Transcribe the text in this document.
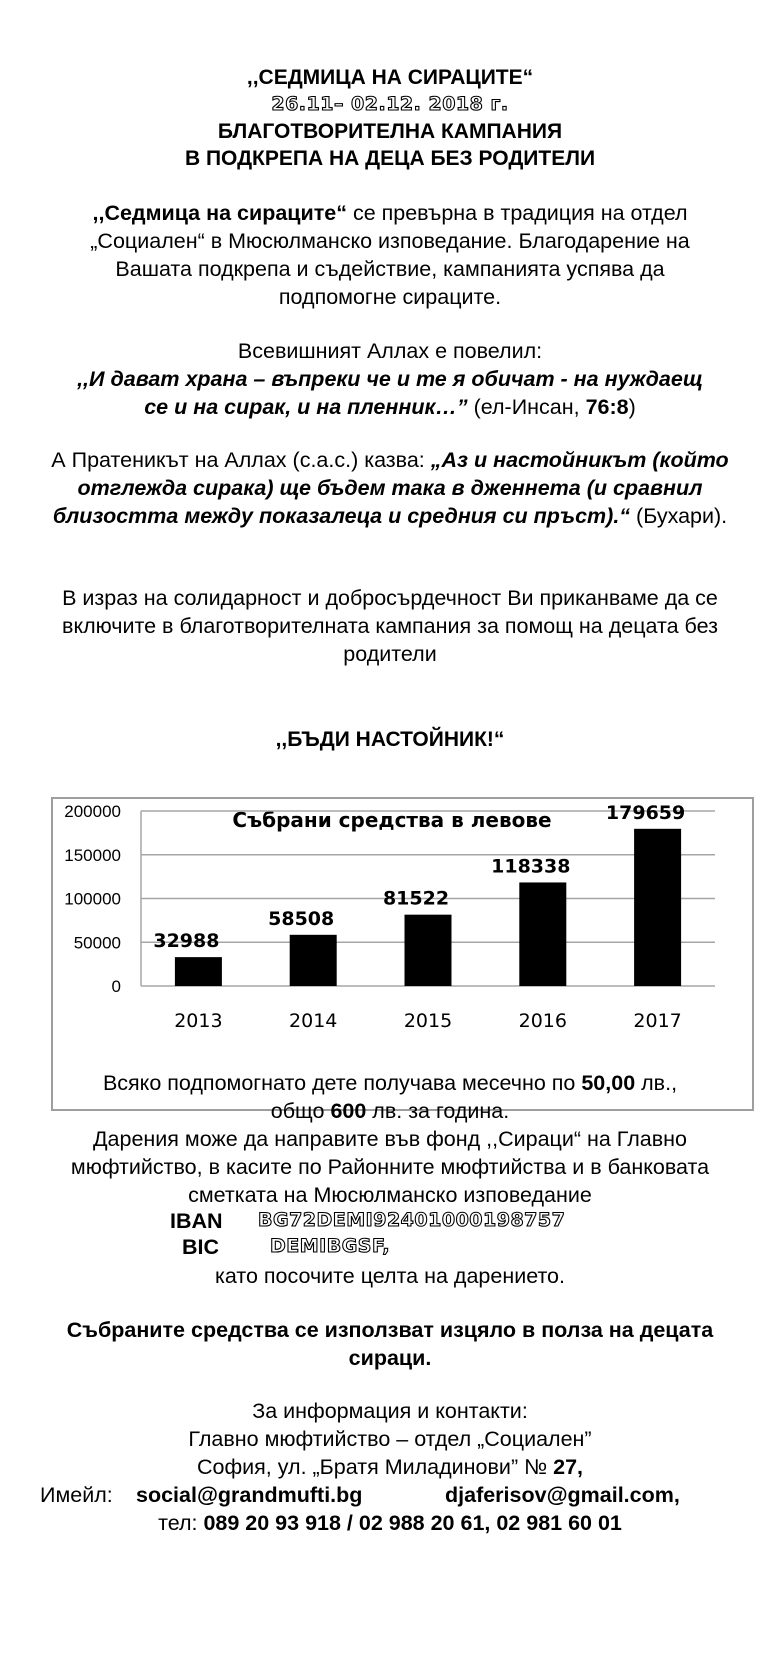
,,СЕДМИЦА НА СИРАЦИТЕ“
26.11– 02.12. 2018 г.
БЛАГОТВОРИТЕЛНА КАМПАНИЯ
В ПОДКРЕПА НА ДЕЦА БЕЗ РОДИТЕЛИ
,,Седмица на сираците“ се превърна в традиция на отдел „Социален“ в Мюсюлманско изповедание. Благодарение на Вашата подкрепа и съдействие, кампанията успява да подпомогне сираците.
Всевишният Аллах е повелил:
,,И дават храна – въпреки че и те я обичат - на нуждаещ се и на сирак, и на пленник…” (ел-Инсан, 76:8)
А Пратеникът на Аллах (с.а.с.) казва: „Аз и настойникът (който отглежда сирака) ще бъдем така в дженнета (и сравнил близостта между показалеца и средния си пръст).“ (Бухари).
В израз на солидарност и добросърдечност Ви приканваме да се включите в благотворителната кампания за помощ на децата без родители
,,БЪДИ НАСТОЙНИК!“
Събрани средства в левове
0
50000
100000
150000
200000
2013	2014	2015	2016	2017
32988
58508
81522
118338
179659
Всяко подпомогнато дете получава месечно по 50,00 лв.,
общо 600 лв. за година.
Дарения може да направите във фонд ,,Сираци“ на Главно мюфтийство, в касите по Районните мюфтийства и в банковата сметката на Мюсюлманско изповедание
IBAN BG72DEMI92401000198757
BIC	DEMIBGSF,
като посочите целта на дарението.
Събраните средства се използват изцяло в полза на децата сираци.
За информация и контакти:
Главно мюфтийство – отдел „Социален”
София, ул. „Братя Миладинови” № 27,
Имейл: social@grandmufti.bg	djaferisov@gmail.com,
тел: 089 20 93 918 / 02 988 20 61, 02 981 60 01
